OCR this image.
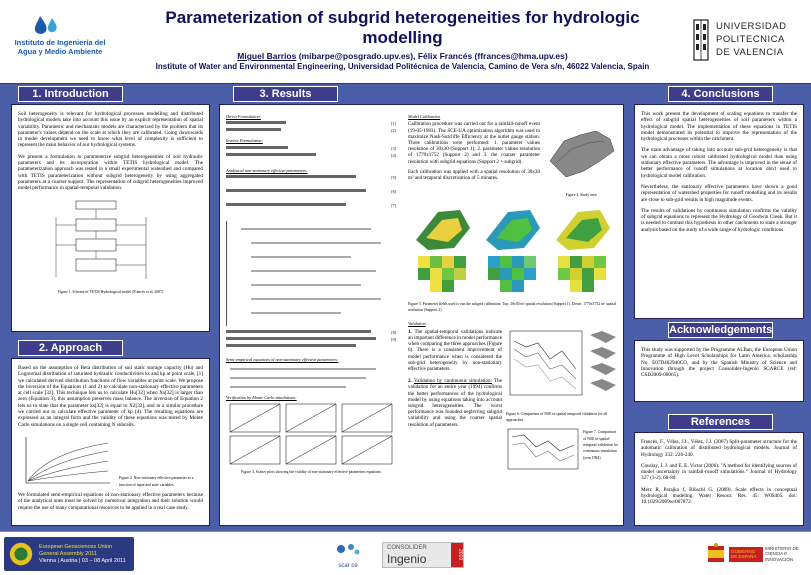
Instituto de Ingeniería del
Agua y Medio Ambiente
Parameterization of subgrid heterogeneities for hydrologic modelling
Miguel Barrios (mibarpe@posgrado.upv.es), Félix Francés (ffrances@hma.upv.es)
Institute of Water and Environmental Engineering, Universidad Politécnica de Valencia, Camino de Vera s/n, 46022 Valencia, Spain
UNIVERSIDAD
POLITECNICA
DE VALENCIA
1. Introduction

Soil heterogeneity is relevant for hydrological processes modelling and distributed hydrological models take into account this issue by an explicit representation of spatial variability. Parametric and mechanistic models are characterized by the problem that its parameter's values depend on the scale at which they are calibrated. Going downwards in model development we need to know what level of complexity is sufficient to represent the main behavior of our hydrological systems.

We present a formulation to parameterize subgrid heterogeneities of soil hydraulic parameters and its incorporation within TETIS hydrological model. The parameterization approach was tested in a small experimental watershed and compared with TETIS parameterization without subgrid heterogeneity by using aggregated parameters at a coarser support. The representation of subgrid heterogeneities improved model performance in spatial-temporal validation.

Figure 1. Scheme of TETIS Hydrological model (Francés et al. 2007)
2. Approach

Based on the assumption of Beta distribution of soil static storage capacity (Hu) and Lognormal distribution of saturated hydraulic conductivities ks and kp at point scale, [1] we calculated derived distribution functions of flow variables at point scale. We propose the inversion of the Equations (1 and 2) to calculate non-stationary effective parameters at cell scale [32]. This technique lets us to calculate Hu[32] when Xs[32] is larger than zero (Equation 3), this assumption preserves mass balance. The inversion of Equation 2 lets us to state that the parameter ks[32] is equal to X2[32], and in a similar procedure we carried out to calculate effective parameter of kp (4). The resulting equations are expressed as an integral form and the validity of these equations was tested by Monte Carlo simulations on a single cell containing N subcells.

Figure 2. Non-stationary effective parameter as a function of input and state variables

We formulated semi-empirical equations of non-stationary effective parameters because of the analytical ones must be solved by numerical integration and their solution would require the use of many computational resources to be applied in a real case study.

3. Results
Direct Formulation:
[1]
[2]
Inverse Formulation:
[3]
[4]
Analytical non-stationary effective parameters:
[5]
[6]
[7]
[8]
[9]
Semi-empirical equations of non-stationary effective parameters:
Verification by Monte Carlo simulations:
Figure 3. Scatter plots showing the validity of non-stationary effective parameters equations
Model Calibration

Calibration procedure was carried out for a rainfall-runoff event (19-05-1983). The SCE-UA optimization algorithm was used to maximize Nash-Sutcliffe Efficiency at the outlet gauge station. Three calibrations were performed: 1. parameter values resolution of 30x30 (Support 1); 2. parameter values resolution of 1770x1752 (Support 2) and 3. the coarser parameter resolution with subgrid equations (Support 2 + subgrid).

Each calibration was applied with a spatial resolution of 30x30 m² and temporal discretization of 5 minutes.

Figure 4. Study area
Figure 5. Parameter fields used to run the subgrid calibration. Top: 30x30 m² spatial resolution (Support 1). Down: 1770x1752 m² spatial resolution (Support 2)
Validation

1. The spatial-temporal validations indicate an important difference in model performance when comparing the three approaches (Figure 6). There is a consistent improvement of model performance when is considered the sub-grid heterogeneity by non-stationary effective parameters.

2. Validation by continuous simulation: The validation for an entire year (1994) confirms the better performances of the hydrological model by using equations taking into account subgrid heterogeneities. The worst performance was founded neglecting subgrid variability and using the coarser spatial resolution of parameters.

Figure 6. Comparison of NSE in spatial-temporal validation for all approaches
Figure 7. Comparison of NSE in spatial-temporal validation for continuous simulation (year 1994)
4. Conclusions

This work present the development of scaling equations to transfer the effect of subgrid spatial heterogeneities of soil parameters within a hydrological model. The implementation of these equations in TETIS model demonstrated its potential to improve the representation of the hydrological processes within the catchment.

The main advantage of taking into account sub-grid heterogeneity is that we can obtain a more robust calibrated hydrological model than using stationary effective parameters. The advantage is improved in the sense of better performance of runoff simulations at location don't used to hydrological model calibration.

Nevertheless, the stationary effective parameters have shown a good representation of watershed properties for runoff modelling and its results are close to sub-grid results in high magnitude events.

The results of validations by continuous simulation confirms the validity of subgrid equations to represent the Hydrology of Goodwin Creek. But it is needed to contrast this hypothesis in other catchments to state a stronger analysis based on the study of a wide range of hydrologic conditions.

Acknowledgements

This study was supported by the Programme ALBan, the European Union Programme of High Level Scholarships for Latin America, scholarship No. E07D402940CO, and by the Spanish Ministry of Science and Innovation through the project Consolider-Ingenio SCARCE (ref: CSD2009-00065).

References

Francés, F., Vélez, J.I., Vélez, J.J. (2007) Split-parameter structure for the automatic calibration of distributed hydrological models. Journal of Hydrology 332: 226-240.

Couslay, J. J. and E. E. Victor (2006). "A method for identifying sources of model uncertainty in rainfall-runoff simulations." Journal of Hydrology 327 (1-2): 68-80.

Merz R, Parajka J, Blöschl G. (2009). Scale effects in conceptual hydrological modeling. Water Resour. Res. 45: W09405. doi: 10.1029/2009wr007872.

European Geosciences Union
General Assembly 2011
Vienna | Austria | 03 – 08 April 2011
scar ce
CONSOLIDER
Ingenio	2010	GOBIERNO DE ESPAÑA
MINISTERIO DE CIENCIA E INNOVACIÓN
